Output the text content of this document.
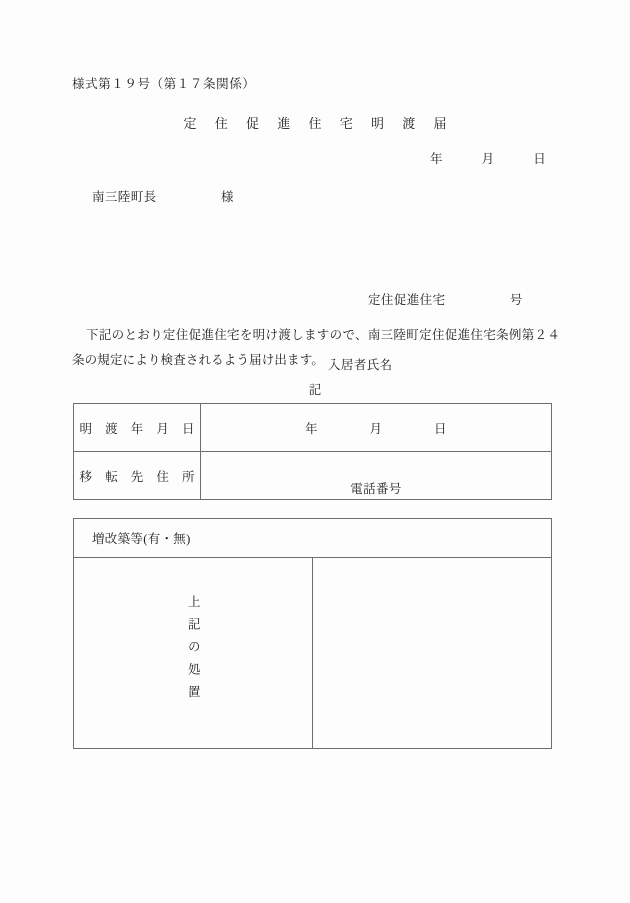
様式第１９号（第１７条関係）
定 住 促 進 住 宅 明 渡 届
年　　　月　　　日
南三陸町長　　　　　様

定住促進住宅　　　　　号

入居者氏名

下記のとおり定住促進住宅を明け渡しますので、南三陸町定住促進住宅条例第２４条の規定により検査されるよう届け出ます。
記
明 渡 年 月 日	年　　　　月　　　　日
移 転 先 住 所	電話番号
増改築等(有・無)
上記の処置	
